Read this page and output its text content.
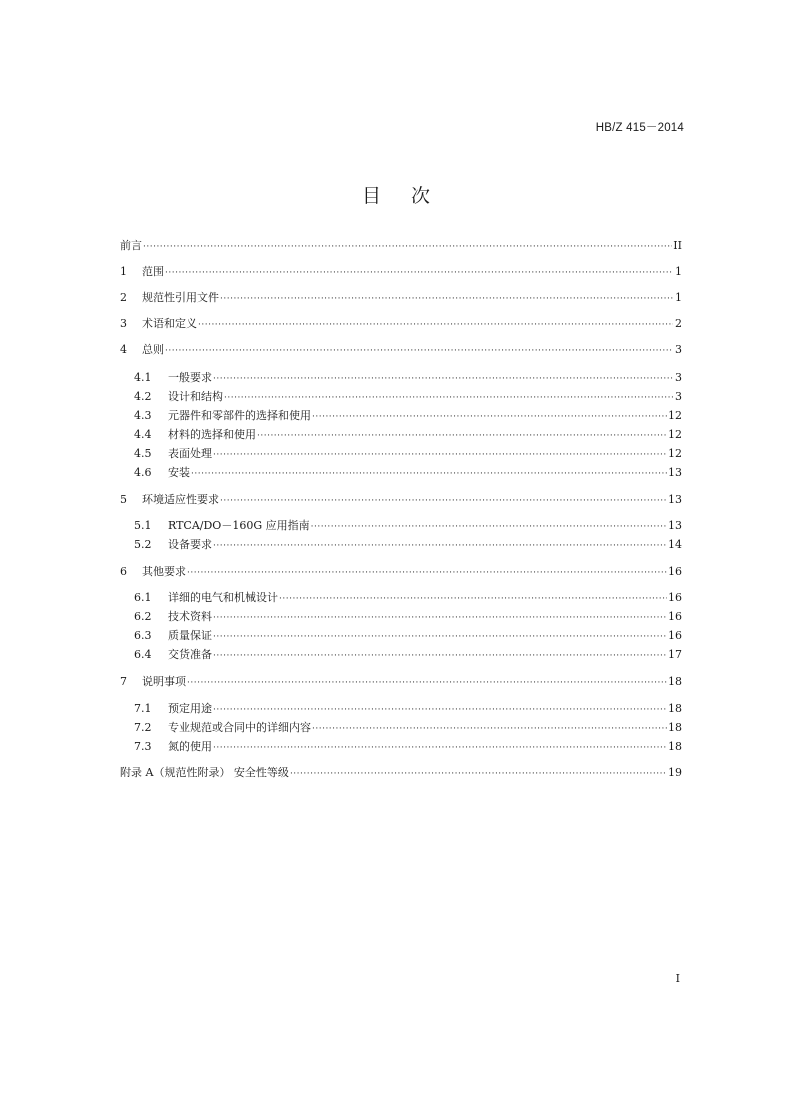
HB/Z 415－2014
目次
前言 ·····	II
1	范围 ·····	1
2	规范性引用文件 ·····	1
3	术语和定义 ·····	2
4	总则 ·····	3
4.1	一般要求 ·····	3
4.2	设计和结构 ·····	3
4.3	元器件和零部件的选择和使用 ·····	12
4.4	材料的选择和使用 ·····	12
4.5	表面处理 ·····	12
4.6	安装 ·····	13
5	环境适应性要求 ·····	13
5.1	RTCA/DO－160G 应用指南 ·····	13
5.2	设备要求 ·····	14
6	其他要求 ·····	16
6.1	详细的电气和机械设计 ·····	16
6.2	技术资料 ·····	16
6.3	质量保证 ·····	16
6.4	交货准备 ·····	17
7	说明事项 ·····	18
7.1	预定用途 ·····	18
7.2	专业规范或合同中的详细内容 ·····	18
7.3	氮的使用 ·····	18
附录 A（规范性附录） 安全性等级 ·····	19
I
